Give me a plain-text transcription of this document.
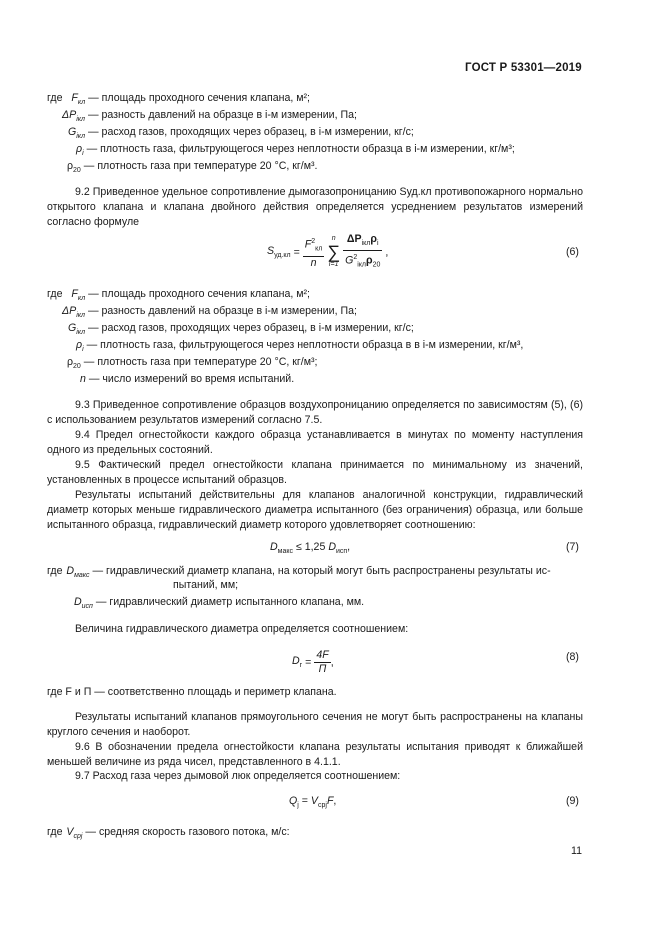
ГОСТ Р 53301—2019
где $F_{кл}$ — площадь проходного сечения клапана, м²;
$\Delta P_{iкл}$ — разность давлений на образце в i-м измерении, Па;
$G_{iкл}$ — расход газов, проходящих через образец, в i-м измерении, кг/с;
$\rho_i$ — плотность газа, фильтрующегося через неплотности образца в i-м измерении, кг/м³;
$\rho_{20}$ — плотность газа при температуре 20 °С, кг/м³.
9.2 Приведенное удельное сопротивление дымогазопроницанию Sуд.кл противопожарного нормально открытого клапана и клапана двойного действия определяется усреднением результатов измерений согласно формуле
$S_{уд.кл} = \frac{F^2_{кл}}{n}$ n
∑
$i=1 \frac{\Delta P_{iкл}\rho_i}{G^2_{iкл}\rho_{20}}$ ,	(6)
где $F_{кл}$ — площадь проходного сечения клапана, м²;
$\Delta P_{iкл}$ — разность давлений на образце в i-м измерении, Па;
$G_{iкл}$ — расход газов, проходящих через образец, в i-м измерении, кг/с;
$\rho_i$ — плотность газа, фильтрующегося через неплотности образца в в i-м измерении, кг/м³,
$\rho_{20}$ — плотность газа при температуре 20 °С, кг/м³;
n — число измерений во время испытаний.
9.3 Приведенное сопротивление образцов воздухопроницанию определяется по зависимостям (5), (6) с использованием результатов измерений согласно 7.5.
9.4 Предел огнестойкости каждого образца устанавливается в минутах по моменту наступления одного из предельных состояний.
9.5 Фактический предел огнестойкости клапана принимается по минимальному из значений, установленных в процессе испытаний образцов.
Результаты испытаний действительны для клапанов аналогичной конструкции, гидравлический диаметр которых меньше гидравлического диаметра испытанного (без ограничения) образца, или больше испытанного образца, гидравлический диаметр которого удовлетворяет соотношению:
$D_{макс} \le 1,25$ $D_{исп}$,	(7)
где $D_{макс}$ — гидравлический диаметр клапана, на который могут быть распространены результаты ис-
пытаний, мм;
$D_{исп}$ — гидравлический диаметр испытанного клапана, мм.
Величина гидравлического диаметра определяется соотношением:
$D_г = \frac{4F}{П}$ ,	(8)
где F и П — соответственно площадь и периметр клапана.
Результаты испытаний клапанов прямоугольного сечения не могут быть распространены на клапаны круглого сечения и наоборот.
9.6 В обозначении предела огнестойкости клапана результаты испытания приводят к ближайшей меньшей величине из ряда чисел, представленного в 4.1.1.
9.7 Расход газа через дымовой люк определяется соотношением:
$Q_j = V_{срj}F$,	(9)
где $V_{срj}$ — средняя скорость газового потока, м/с:
11
